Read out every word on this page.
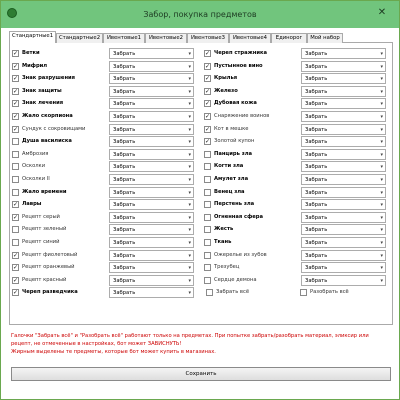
Забор, покупка предметов	✕
Стандартные1	Стандартные2	Ивентовые1	Ивентовые2	Ивентовые3	Ивентовые4	Единорог	Мой набор
✓ Ветки	Забрать	▾
✓ Мифрил	Забрать	▾
✓ Знак разрушения	Забрать	▾
✓ Знак защиты	Забрать	▾
✓ Знак лечения	Забрать	▾
✓ Жало скорпиона	Забрать	▾
✓ Сундук с сокровищами	Забрать	▾
Душа василиска	Забрать	▾
Амброзия	Забрать	▾
Осколки	Забрать	▾
Осколки II	Забрать	▾
Жало времени	Забрать	▾
✓ Лавры	Забрать	▾
✓ Рецепт серый	Забрать	▾
Рецепт зеленый	Забрать	▾
Рецепт синий	Забрать	▾
✓ Рецепт фиолетовый	Забрать	▾
✓ Рецепт оранжевый	Забрать	▾
✓ Рецепт красный	Забрать	▾
✓ Череп разведчика	Забрать	▾
✓ Череп стражника	Забрать	▾
✓ Пустынное вино	Забрать	▾
✓ Крылья	Забрать	▾
✓ Железо	Забрать	▾
✓ Дубовая кожа	Забрать	▾
✓ Снаряжение воинов	Забрать	▾
✓ Кот в мешке	Забрать	▾
✓ Золотой купон	Забрать	▾
Панцирь зла	Забрать	▾
Когти зла	Забрать	▾
Амулет зла	Забрать	▾
Венец зла	Забрать	▾
Перстень зла	Забрать	▾
Огненная сфера	Забрать	▾
Жесть	Забрать	▾
Ткань	Забрать	▾
Ожерелье из зубов	Забрать	▾
Трезубец	Забрать	▾
Сердце демона	Забрать	▾
Забрать всё	Разобрать всё
Галочки "Забрать всё" и "Разобрать всё" работают только на предметах. При попытке забрать/разобрать материал, эликсир или рецепт, не отмеченные в настройках, бот может ЗАВИСНУТЬ!
Жирным выделены те предметы, которые бот может купить в магазинах.
Сохранить
